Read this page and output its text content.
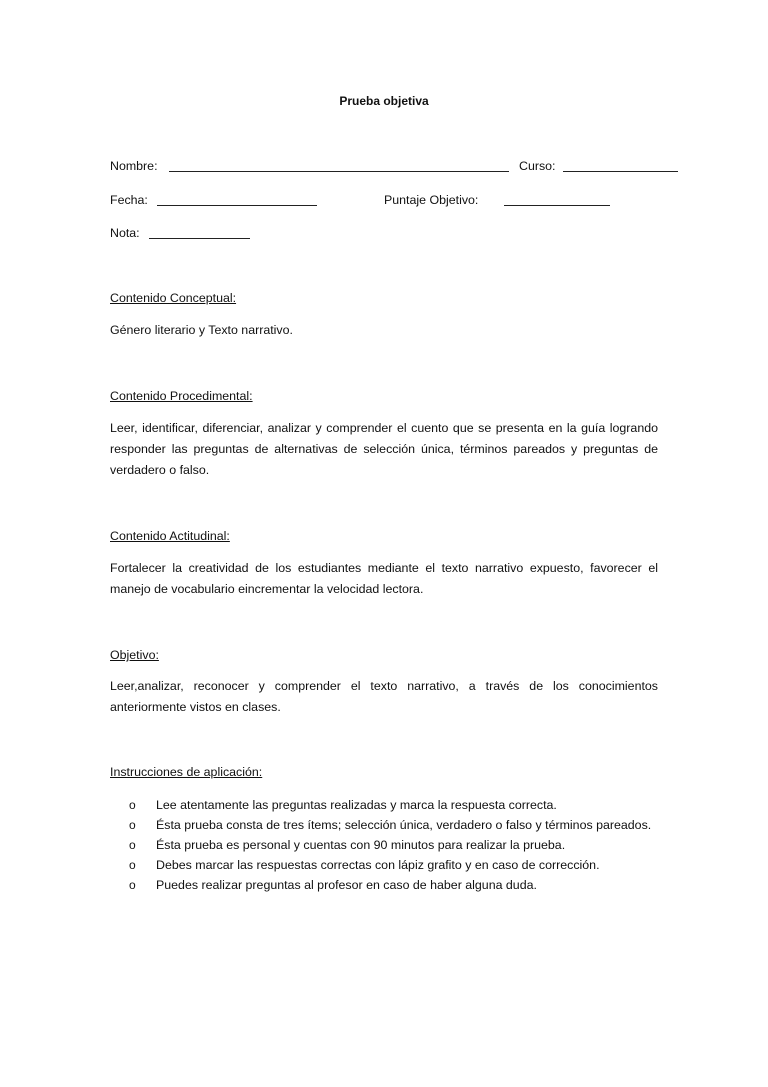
Prueba objetiva
Nombre:	Curso:
Fecha:	Puntaje Objetivo:
Nota:
Contenido Conceptual:

Género literario y Texto narrativo.

Contenido Procedimental:

Leer, identificar, diferenciar, analizar y comprender el cuento que se presenta en la guía logrando responder las preguntas de alternativas de selección única, términos pareados y preguntas de verdadero o falso.

Contenido Actitudinal:

Fortalecer la creatividad de los estudiantes mediante el texto narrativo expuesto, favorecer el manejo de vocabulario eincrementar la velocidad lectora.

Objetivo:

Leer,analizar, reconocer y comprender el texto narrativo, a través de los conocimientos anteriormente vistos en clases.

Instrucciones de aplicación:
o Lee atentamente las preguntas realizadas y marca la respuesta correcta.
o Ésta prueba consta de tres ítems; selección única, verdadero o falso y términos pareados.
o Ésta prueba es personal y cuentas con 90 minutos para realizar la prueba.
o Debes marcar las respuestas correctas con lápiz grafito y en caso de corrección.
o Puedes realizar preguntas al profesor en caso de haber alguna duda.
